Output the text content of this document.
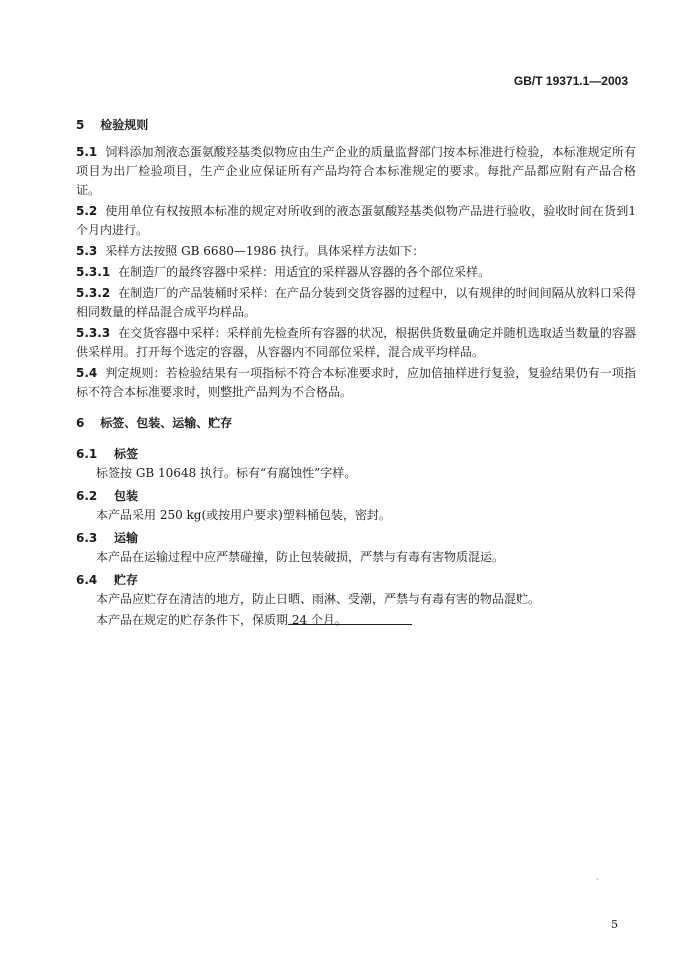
GB/T 19371.1—2003
5 检验规则
5.1 饲料添加剂液态蛋氨酸羟基类似物应由生产企业的质量监督部门按本标准进行检验，本标准规定所有项目为出厂检验项目，生产企业应保证所有产品均符合本标准规定的要求。每批产品都应附有产品合格证。
5.2 使用单位有权按照本标准的规定对所收到的液态蛋氨酸羟基类似物产品进行验收，验收时间在货到1个月内进行。
5.3 采样方法按照 GB 6680—1986 执行。具体采样方法如下：
5.3.1 在制造厂的最终容器中采样：用适宜的采样器从容器的各个部位采样。
5.3.2 在制造厂的产品装桶时采样：在产品分装到交货容器的过程中，以有规律的时间间隔从放料口采得相同数量的样品混合成平均样品。
5.3.3 在交货容器中采样：采样前先检查所有容器的状况，根据供货数量确定并随机选取适当数量的容器供采样用。打开每个选定的容器，从容器内不同部位采样，混合成平均样品。
5.4 判定规则：若检验结果有一项指标不符合本标准要求时，应加倍抽样进行复验，复验结果仍有一项指标不符合本标准要求时，则整批产品判为不合格品。
6 标签、包装、运输、贮存
6.1 标签
标签按 GB 10648 执行。标有“有腐蚀性”字样。
6.2 包装
本产品采用 250 kg(或按用户要求)塑料桶包装，密封。
6.3 运输
本产品在运输过程中应严禁碰撞，防止包装破损，严禁与有毒有害物质混运。
6.4 贮存
本产品应贮存在清洁的地方，防止日晒、雨淋、受潮，严禁与有毒有害的物品混贮。
本产品在规定的贮存条件下，保质期 24 个月。
·
5
